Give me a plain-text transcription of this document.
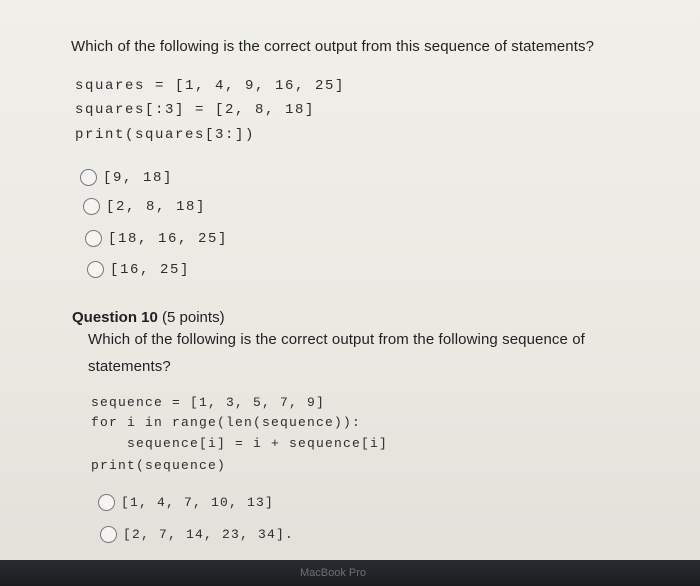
Which of the following is the correct output from this sequence of statements?
squares = [1, 4, 9, 16, 25]
squares[:3] = [2, 8, 18]
print(squares[3:])
[9, 18]
[2, 8, 18]
[18, 16, 25]
[16, 25]
Question 10 (5 points)
Which of the following is the correct output from the following sequence of
statements?
sequence = [1, 3, 5, 7, 9]
for i in range(len(sequence)):
sequence[i] = i + sequence[i]
print(sequence)
[1, 4, 7, 10, 13]
[2, 7, 14, 23, 34].
MacBook Pro
